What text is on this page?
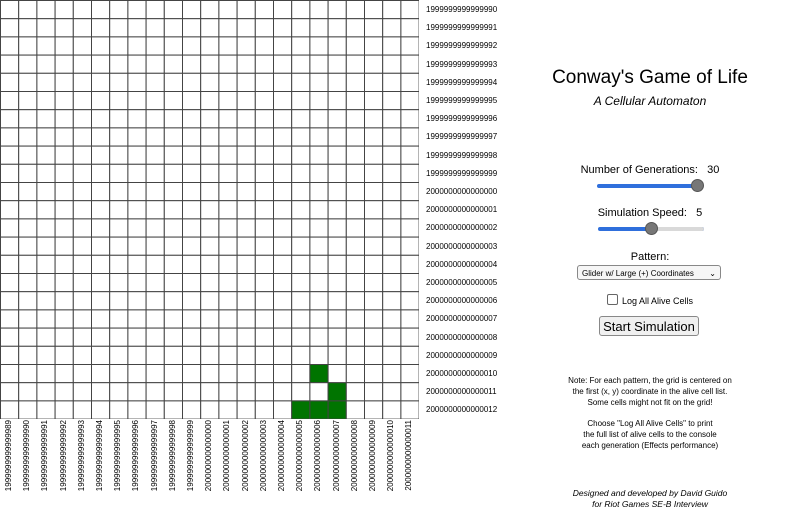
1999999999999990
1999999999999991
1999999999999992
1999999999999993
1999999999999994
1999999999999995
1999999999999996
1999999999999997
1999999999999998
1999999999999999
2000000000000000
2000000000000001
2000000000000002
2000000000000003
2000000000000004
2000000000000005
2000000000000006
2000000000000007
2000000000000008
2000000000000009
2000000000000010
2000000000000011
2000000000000012
1999999999999989 1999999999999990 1999999999999991 1999999999999992 1999999999999993 1999999999999994 1999999999999995 1999999999999996 1999999999999997 1999999999999998 1999999999999999 2000000000000000 2000000000000001 2000000000000002 2000000000000003 2000000000000004 2000000000000005 2000000000000006 2000000000000007 2000000000000008 2000000000000009 2000000000000010 2000000000000011
Conway's Game of Life
A Cellular Automaton
Number of Generations: 30
Simulation Speed: 5
Pattern:
Glider w/ Large (+) Coordinates ⌄
Log All Alive Cells
Start Simulation
Note: For each pattern, the grid is centered on
the first (x, y) coordinate in the alive cell list.
Some cells might not fit on the grid!
Choose "Log All Alive Cells" to print
the full list of alive cells to the console
each generation (Effects performance)
Designed and developed by David Guido
for Riot Games SE-B Interview
